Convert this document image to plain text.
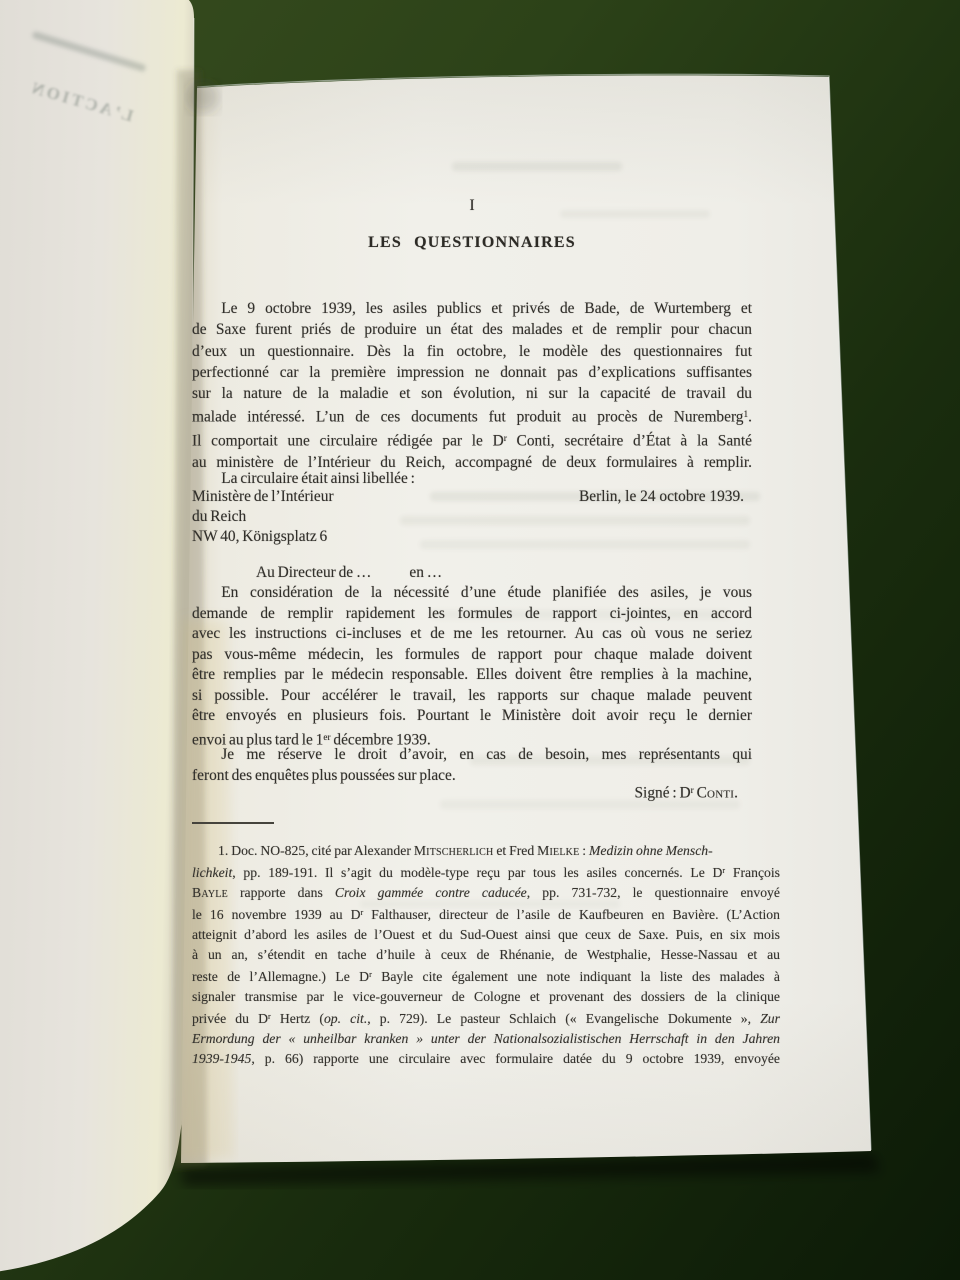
L’ACTION
I
LES QUESTIONNAIRES
Le 9 octobre 1939, les asiles publics et privés de Bade, de Wurtemberg et
de Saxe furent priés de produire un état des malades et de remplir pour chacun
d’eux un questionnaire. Dès la fin octobre, le modèle des questionnaires fut
perfectionné car la première impression ne donnait pas d’explications suffisantes
sur la nature de la maladie et son évolution, ni sur la capacité de travail du
malade intéressé. L’un de ces documents fut produit au procès de Nuremberg$^1$.
Il comportait une circulaire rédigée par le $D^r$ Conti, secrétaire d’État à la Santé
au ministère de l’Intérieur du Reich, accompagné de deux formulaires à remplir.
La circulaire était ainsi libellée :
Ministère de l’Intérieur
du Reich
NW 40, Königsplatz 6
Berlin, le 24 octobre 1939.
Au Directeur de … en …
En considération de la nécessité d’une étude planifiée des asiles, je vous
demande de remplir rapidement les formules de rapport ci-jointes, en accord
avec les instructions ci-incluses et de me les retourner. Au cas où vous ne seriez
pas vous-même médecin, les formules de rapport pour chaque malade doivent
être remplies par le médecin responsable. Elles doivent être remplies à la machine,
si possible. Pour accélérer le travail, les rapports sur chaque malade peuvent
être envoyés en plusieurs fois. Pourtant le Ministère doit avoir reçu le dernier
envoi au plus tard le 1er décembre 1939.
Je me réserve le droit d’avoir, en cas de besoin, mes représentants qui
feront des enquêtes plus poussées sur place.
Signé : $D^r$ Conti.
1. Doc. NO-825, cité par Alexander Mitscherlich et Fred Mielke : Medizin ohne Mensch-
lichkeit, pp. 189-191. Il s’agit du modèle-type reçu par tous les asiles concernés. Le $D^r$ François
Bayle rapporte dans Croix gammée contre caducée, pp. 731-732, le questionnaire envoyé
le 16 novembre 1939 au $D^r$ Falthauser, directeur de l’asile de Kaufbeuren en Bavière. (L’Action
atteignit d’abord les asiles de l’Ouest et du Sud-Ouest ainsi que ceux de Saxe. Puis, en six mois
à un an, s’étendit en tache d’huile à ceux de Rhénanie, de Westphalie, Hesse-Nassau et au
reste de l’Allemagne.) Le $D^r$ Bayle cite également une note indiquant la liste des malades à
signaler transmise par le vice-gouverneur de Cologne et provenant des dossiers de la clinique
privée du $D^r$ Hertz (op. cit., p. 729). Le pasteur Schlaich (« Evangelische Dokumente », Zur
Ermordung der « unheilbar kranken » unter der Nationalsozialistischen Herrschaft in den Jahren
1939-1945, p. 66) rapporte une circulaire avec formulaire datée du 9 octobre 1939, envoyée
